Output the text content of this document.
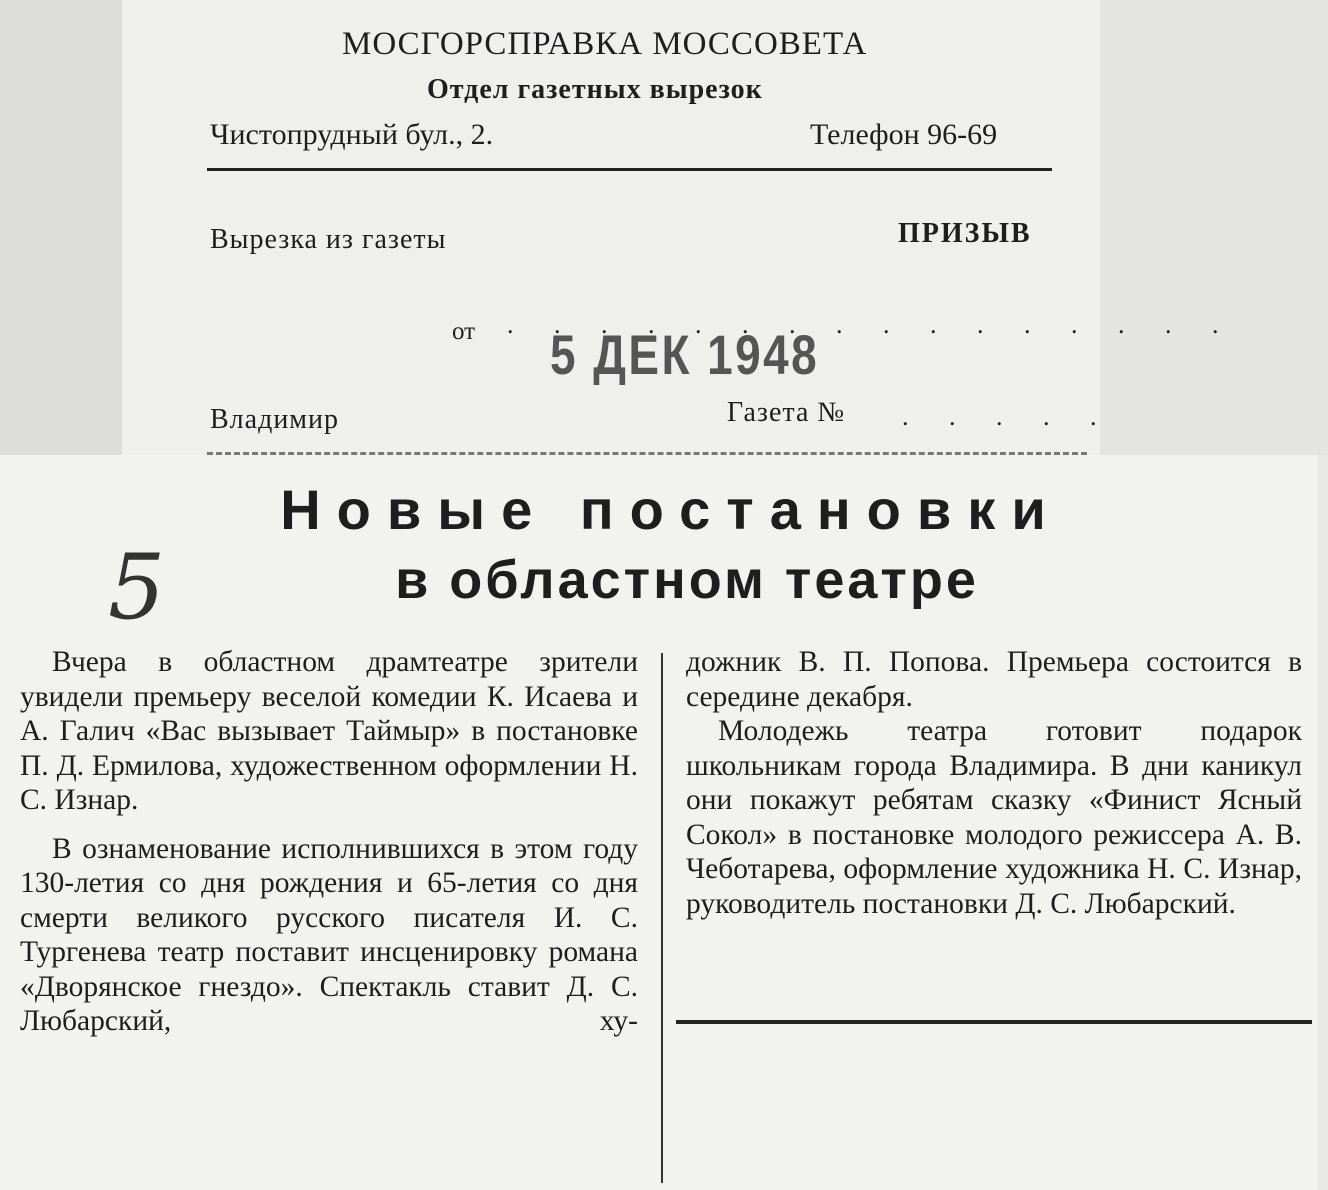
МОСГОРСПРАВКА МОССОВЕТА
Отдел газетных вырезок
Чистопрудный бул., 2.	Телефон 96-69
Вырезка из газеты	ПРИЗЫВ
от . . . . . . . . . . . . . . . .
5 ДЕК 1948
Владимир	Газета № . . . . .
Новые постановки
в областном театре
5

Вчера в областном драмтеатре зрители увидели премьеру веселой комедии К. Исаева и А. Галич «Вас вызывает Таймыр» в постановке П. Д. Ермилова, художественном оформлении Н. С. Изнар.

В ознаменование исполнившихся в этом году 130-летия со дня рождения и 65-летия со дня смерти великого русского писателя И. С. Тургенева театр поставит инсценировку романа «Дворянское гнездо». Спектакль ставит Д. С. Любарский, ху-

дожник В. П. Попова. Премьера состоится в середине декабря.

Молодежь театра готовит подарок школьникам города Владимира. В дни каникул они покажут ребятам сказку «Финист Ясный Сокол» в постановке молодого режиссера А. В. Чеботарева, оформление художника Н. С. Изнар, руководитель постановки Д. С. Любарский.
